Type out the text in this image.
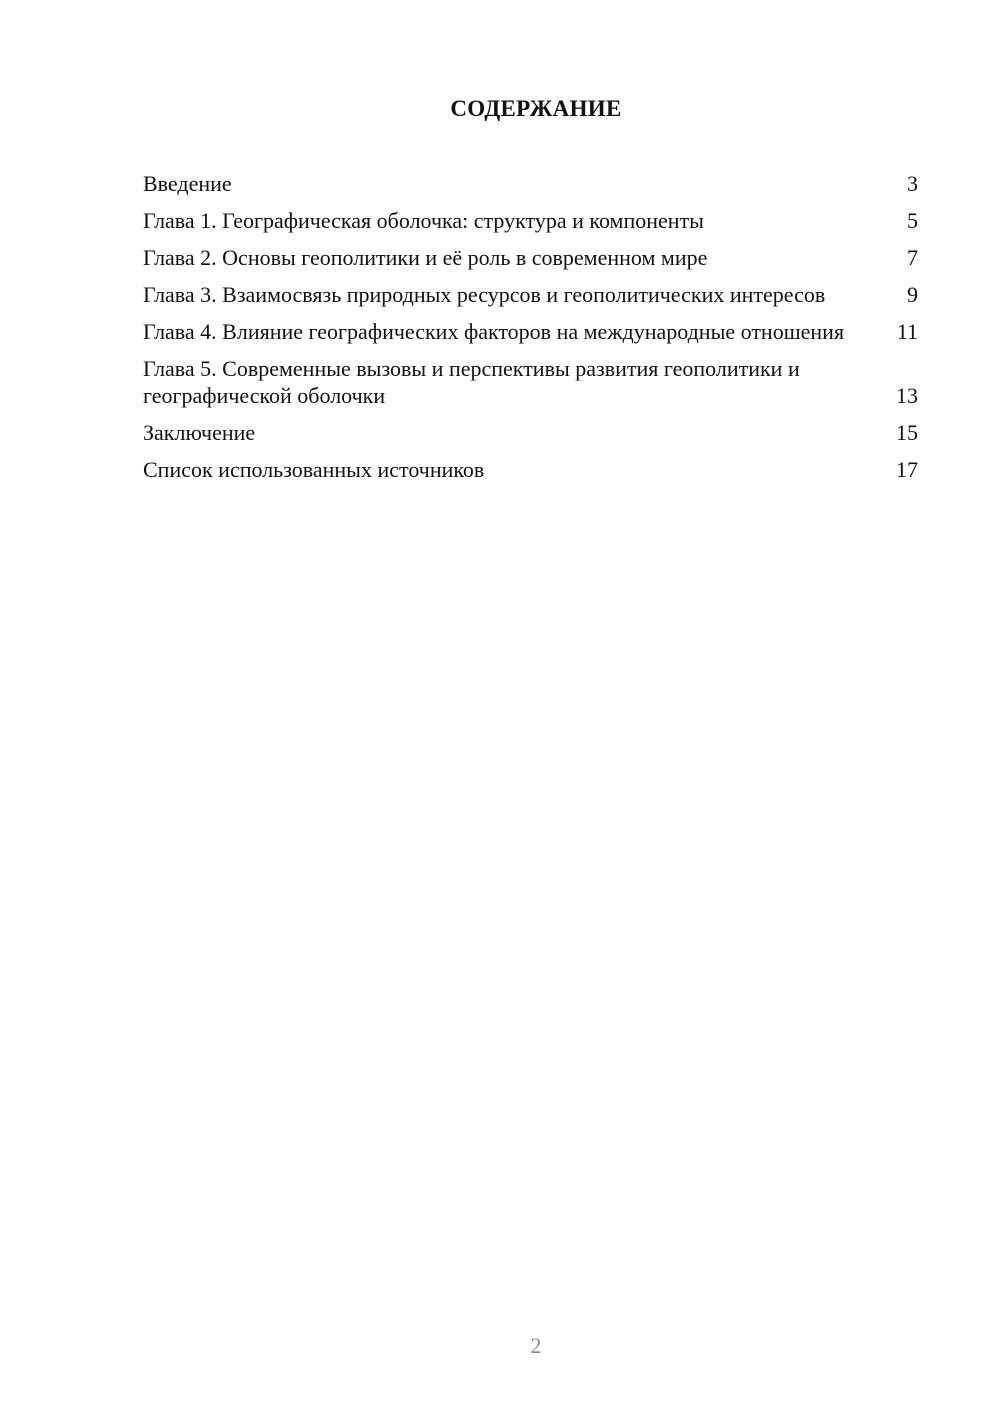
СОДЕРЖАНИЕ
Введение	3
Глава 1. Географическая оболочка: структура и компоненты	5
Глава 2. Основы геополитики и её роль в современном мире	7
Глава 3. Взаимосвязь природных ресурсов и геополитических интересов	9
Глава 4. Влияние географических факторов на международные отношения	11
Глава 5. Современные вызовы и перспективы развития геополитики и географической оболочки	13
Заключение	15
Список использованных источников	17
2
